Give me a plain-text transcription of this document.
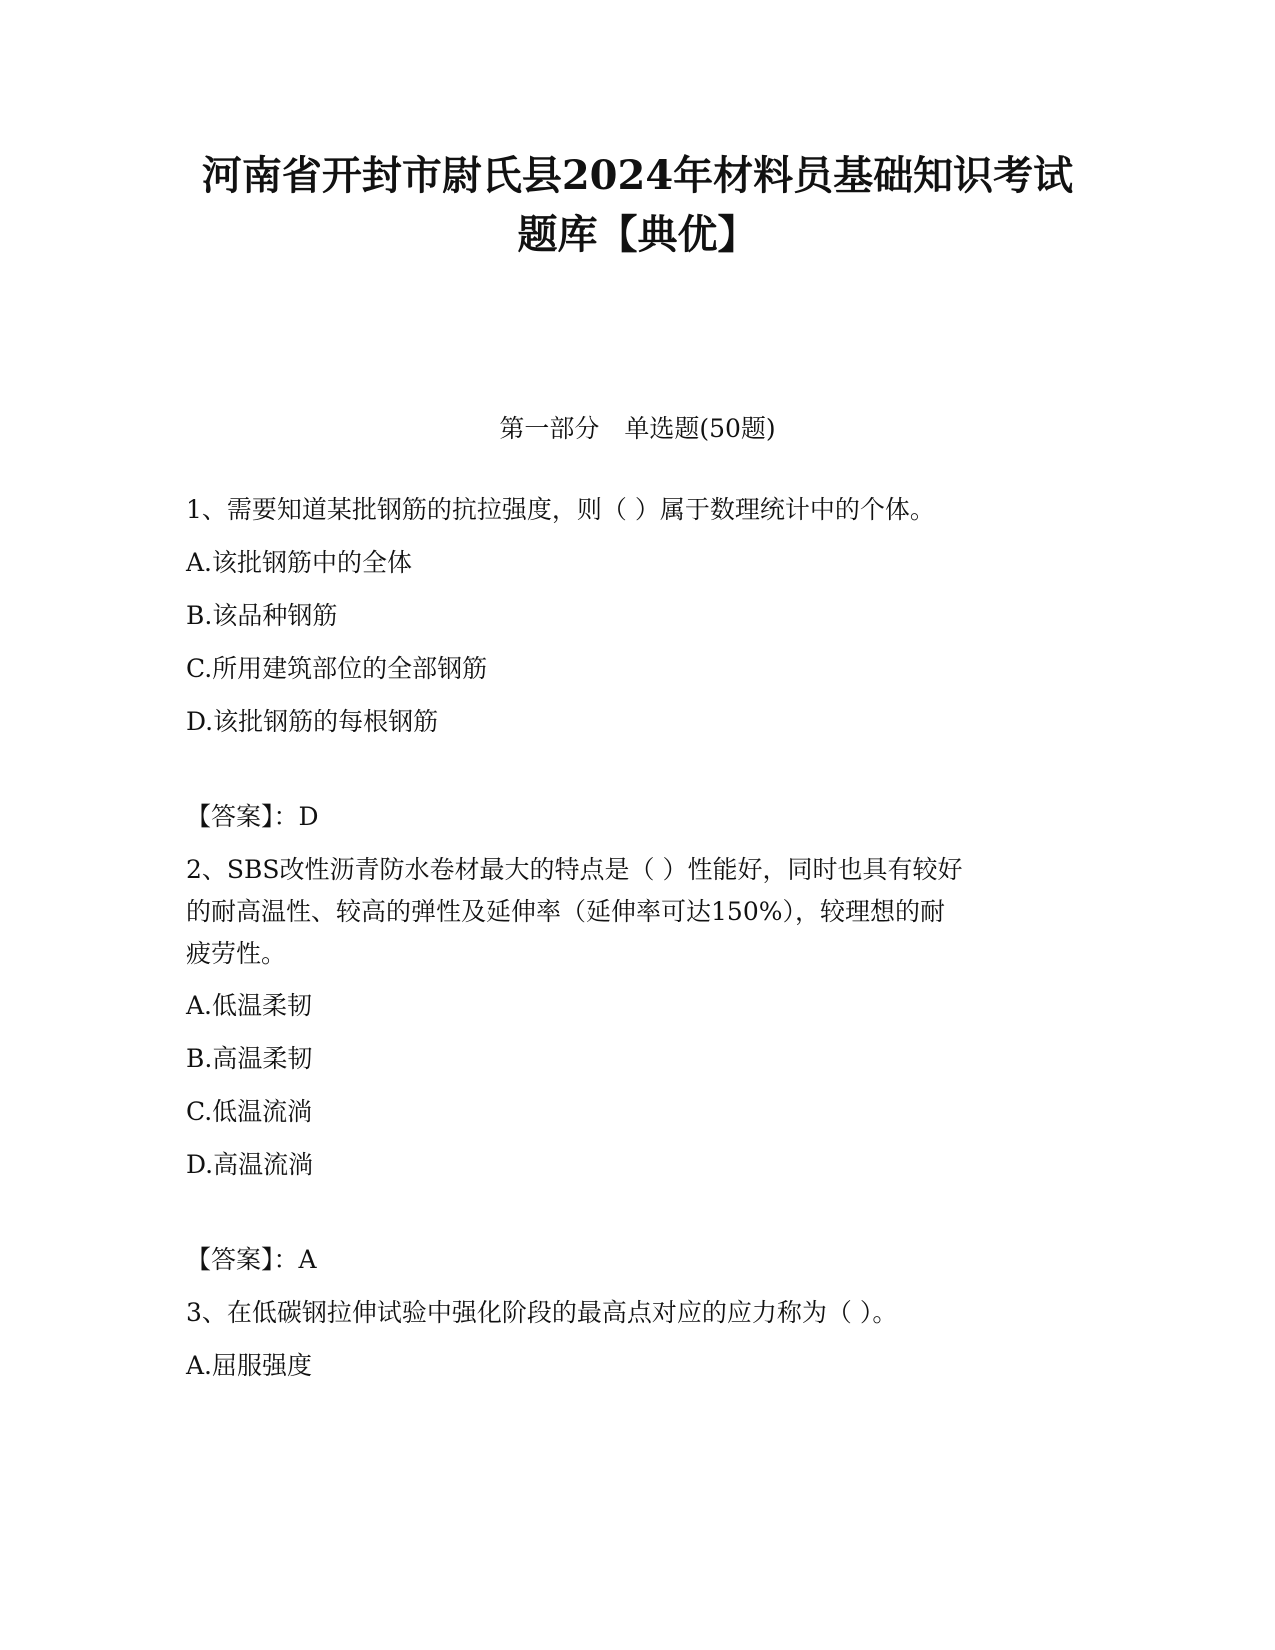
河南省开封市尉氏县2024年材料员基础知识考试
题库【典优】
第一部分　单选题(50题)
1、需要知道某批钢筋的抗拉强度，则（ ）属于数理统计中的个体。
A.该批钢筋中的全体
B.该品种钢筋
C.所用建筑部位的全部钢筋
D.该批钢筋的每根钢筋
【答案】：D
2、SBS改性沥青防水卷材最大的特点是（ ）性能好，同时也具有较好
的耐高温性、较高的弹性及延伸率（延伸率可达150%），较理想的耐
疲劳性。
A.低温柔韧
B.高温柔韧
C.低温流淌
D.高温流淌
【答案】：A
3、在低碳钢拉伸试验中强化阶段的最高点对应的应力称为（ ）。
A.屈服强度
